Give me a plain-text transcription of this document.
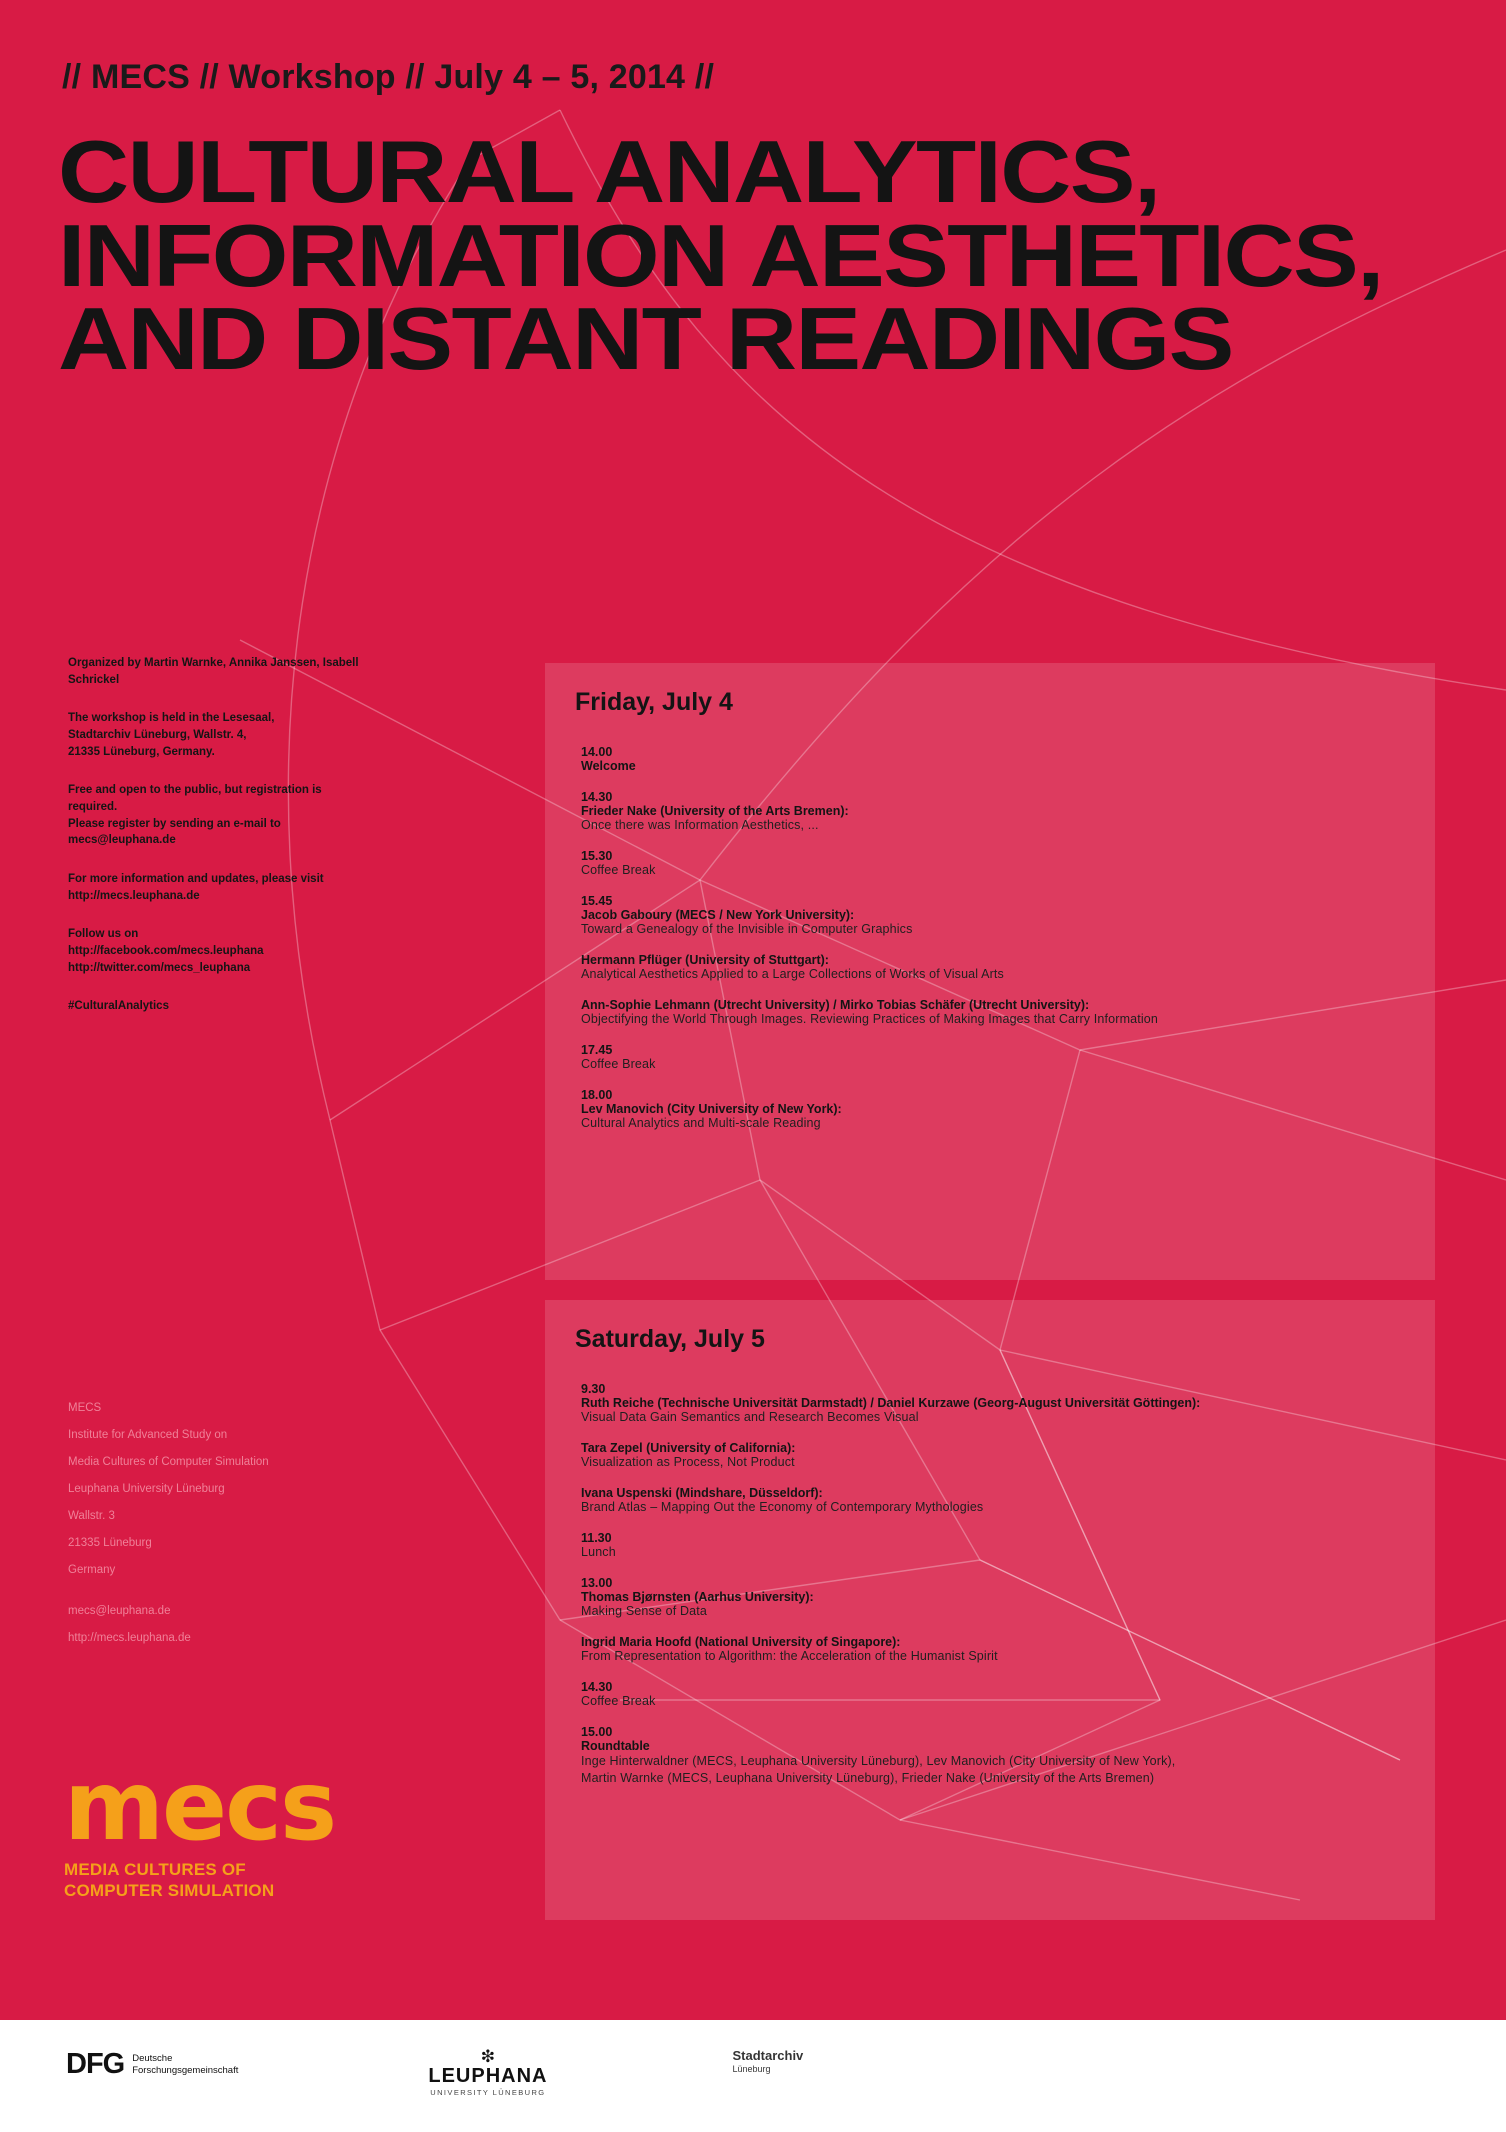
// MECS // Workshop // July 4 – 5, 2014 //
CULTURAL ANALYTICS,
INFORMATION AESTHETICS,
AND DISTANT READINGS

Organized by Martin Warnke, Annika Janssen, Isabell Schrickel

The workshop is held in the Lesesaal,
Stadtarchiv Lüneburg, Wallstr. 4,
21335 Lüneburg, Germany.

Free and open to the public, but registration is required.
Please register by sending an e-mail to mecs@leuphana.de

For more information and updates, please visit
http://mecs.leuphana.de

Follow us on
http://facebook.com/mecs.leuphana
http://twitter.com/mecs_leuphana

#CulturalAnalytics

MECS
Institute for Advanced Study on
Media Cultures of Computer Simulation
Leuphana University Lüneburg
Wallstr. 3
21335 Lüneburg
Germany
mecs@leuphana.de
http://mecs.leuphana.de
mecs
MEDIA CULTURES OF
COMPUTER SIMULATION
Friday, July 4
14.00
Welcome
14.30
Frieder Nake (University of the Arts Bremen):
Once there was Information Aesthetics, ...
15.30
Coffee Break
15.45
Jacob Gaboury (MECS / New York University):
Toward a Genealogy of the Invisible in Computer Graphics
Hermann Pflüger (University of Stuttgart):
Analytical Aesthetics Applied to a Large Collections of Works of Visual Arts
Ann-Sophie Lehmann (Utrecht University) / Mirko Tobias Schäfer (Utrecht University):
Objectifying the World Through Images. Reviewing Practices of Making Images that Carry Information
17.45
Coffee Break
18.00
Lev Manovich (City University of New York):
Cultural Analytics and Multi-scale Reading
Saturday, July 5
9.30
Ruth Reiche (Technische Universität Darmstadt) / Daniel Kurzawe (Georg-August Universität Göttingen):
Visual Data Gain Semantics and Research Becomes Visual
Tara Zepel (University of California):
Visualization as Process, Not Product
Ivana Uspenski (Mindshare, Düsseldorf):
Brand Atlas – Mapping Out the Economy of Contemporary Mythologies
11.30
Lunch
13.00
Thomas Bjørnsten (Aarhus University):
Making Sense of Data
Ingrid Maria Hoofd (National University of Singapore):
From Representation to Algorithm: the Acceleration of the Humanist Spirit
14.30
Coffee Break
15.00
Roundtable
Inge Hinterwaldner (MECS, Leuphana University Lüneburg), Lev Manovich (City University of New York),
Martin Warnke (MECS, Leuphana University Lüneburg), Frieder Nake (University of the Arts Bremen)
DFG Deutsche
Forschungsgemeinschaft
❇
LEUPHANA
UNIVERSITY LÜNEBURG
Stadtarchiv
Lüneburg
